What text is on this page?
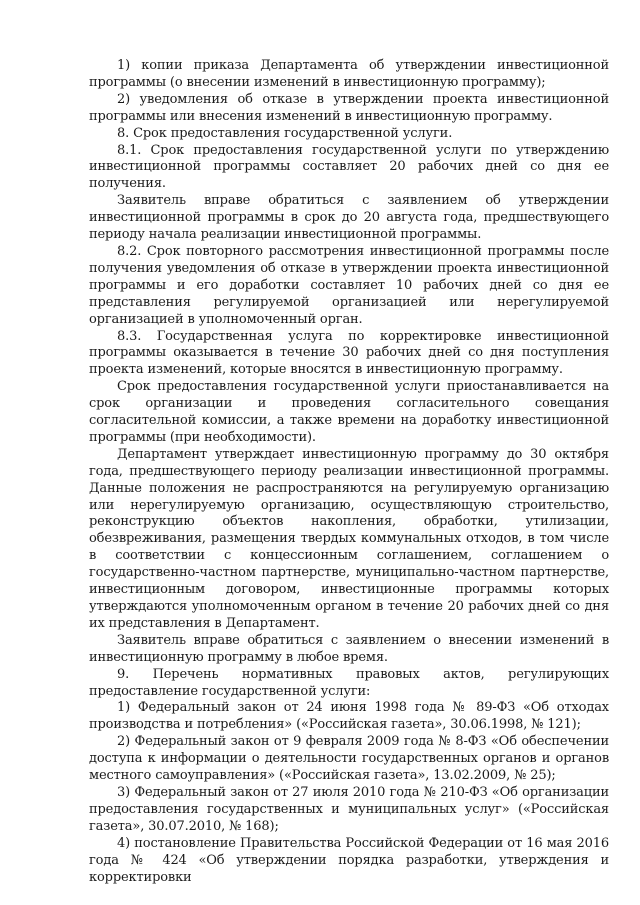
1) копии приказа Департамента об утверждении инвестиционной программы (о внесении изменений в инвестиционную программу);

2) уведомления об отказе в утверждении проекта инвестиционной программы или внесения изменений в инвестиционную программу.

8. Срок предоставления государственной услуги.

8.1. Срок предоставления государственной услуги по утверждению инвестиционной программы составляет 20 рабочих дней со дня ее получения.

Заявитель вправе обратиться с заявлением об утверждении инвестиционной программы в срок до 20 августа года, предшествующего периоду начала реализации инвестиционной программы.

8.2. Срок повторного рассмотрения инвестиционной программы после получения уведомления об отказе в утверждении проекта инвестиционной программы и его доработки составляет 10 рабочих дней со дня ее представления регулируемой организацией или нерегулируемой организацией в уполномоченный орган.

8.3. Государственная услуга по корректировке инвестиционной программы оказывается в течение 30 рабочих дней со дня поступления проекта изменений, которые вносятся в инвестиционную программу.

Срок предоставления государственной услуги приостанавливается на срок организации и проведения согласительного совещания согласительной комиссии, а также времени на доработку инвестиционной программы (при необходимости).

Департамент утверждает инвестиционную программу до 30 октября года, предшествующего периоду реализации инвестиционной программы. Данные положения не распространяются на регулируемую организацию или нерегулируемую организацию, осуществляющую строительство, реконструкцию объектов накопления, обработки, утилизации, обезвреживания, размещения твердых коммунальных отходов, в том числе в соответствии с концессионным соглашением, соглашением о государственно-частном партнерстве, муниципально-частном партнерстве, инвестиционным договором, инвестиционные программы которых утверждаются уполномоченным органом в течение 20 рабочих дней со дня их представления в Департамент.

Заявитель вправе обратиться с заявлением о внесении изменений в инвестиционную программу в любое время.

9. Перечень нормативных правовых актов, регулирующих предоставление государственной услуги:

1) Федеральный закон от 24 июня 1998 года № 89-ФЗ «Об отходах производства и потребления» («Российская газета», 30.06.1998, № 121);

2) Федеральный закон от 9 февраля 2009 года № 8-ФЗ «Об обеспечении доступа к информации о деятельности государственных органов и органов местного самоуправления» («Российская газета», 13.02.2009, № 25);

3) Федеральный закон от 27 июля 2010 года № 210-ФЗ «Об организации предоставления государственных и муниципальных услуг» («Российская газета», 30.07.2010, № 168);

4) постановление Правительства Российской Федерации от 16 мая 2016 года № 424 «Об утверждении порядка разработки, утверждения и корректировки
